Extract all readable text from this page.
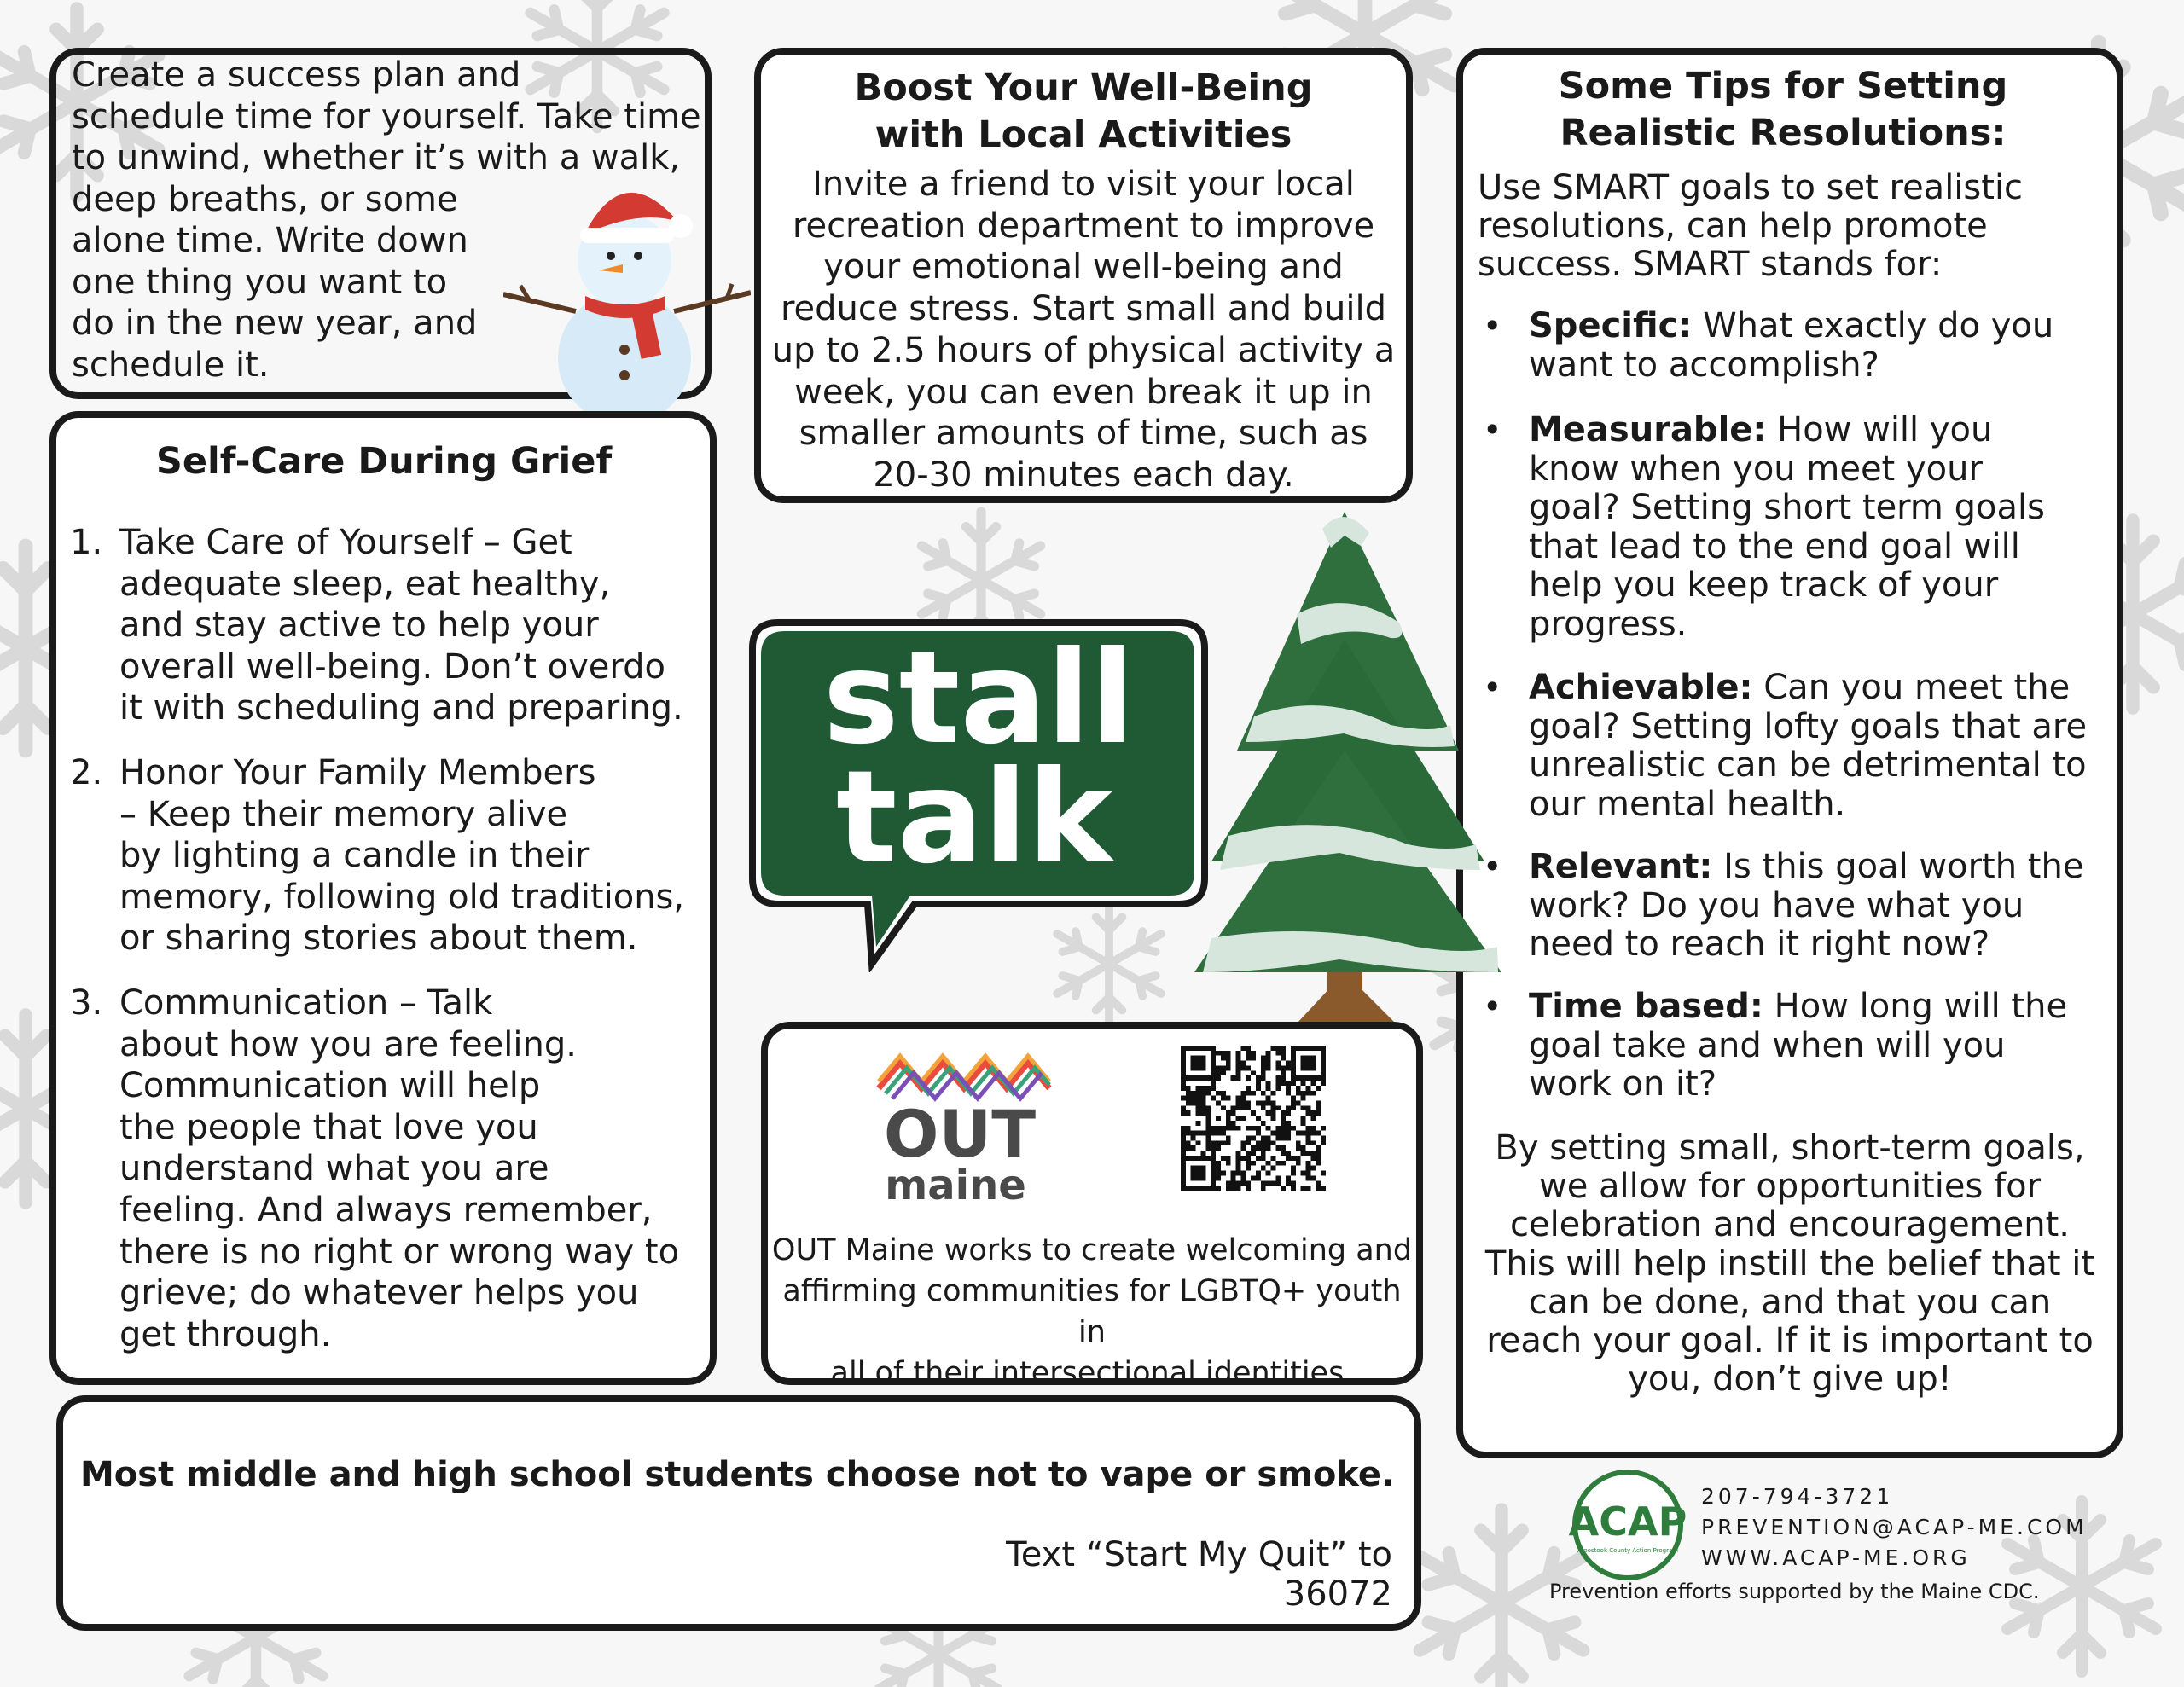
Create a success plan and
schedule time for yourself. Take time
to unwind, whether it’s with a walk,
deep breaths, or some
alone time. Write down
one thing you want to
do in the new year, and
schedule it.

Boost Your Well-Being
with Local Activities

Invite a friend to visit your local
recreation department to improve
your emotional well-being and
reduce stress. Start small and build
up to 2.5 hours of physical activity a
week, you can even break it up in
smaller amounts of time, such as
20-30 minutes each day.

Some Tips for Setting
Realistic Resolutions:

Use SMART goals to set realistic
resolutions, can help promote
success. SMART stands for:

• Specific: What exactly do you
want to accomplish?

• Measurable: How will you
know when you meet your
goal? Setting short term goals
that lead to the end goal will
help you keep track of your
progress.

• Achievable: Can you meet the
goal? Setting lofty goals that are
unrealistic can be detrimental to
our mental health.

• Relevant: Is this goal worth the
work? Do you have what you
need to reach it right now?

• Time based: How long will the
goal take and when will you
work on it?

By setting small, short-term goals,
we allow for opportunities for
celebration and encouragement.
This will help instill the belief that it
can be done, and that you can
reach your goal. If it is important to
you, don’t give up!

Self-Care During Grief

1. Take Care of Yourself – Get
adequate sleep, eat healthy,
and stay active to help your
overall well-being. Don’t overdo
it with scheduling and preparing.

2. Honor Your Family Members
– Keep their memory alive
by lighting a candle in their
memory, following old traditions,
or sharing stories about them.

3. Communication – Talk
about how you are feeling.
Communication will help
the people that love you
understand what you are
feeling. And always remember,
there is no right or wrong way to
grieve; do whatever helps you
get through.

stall
talk
OUT
maine

OUT Maine works to create welcoming and
affirming communities for LGBTQ+ youth in
all of their intersectional identities.

Most middle and high school students choose not to vape or smoke.

Text “Start My Quit” to 36072

ACAP
Aroostook County Action Program

207-794-3721

PREVENTION@ACAP-ME.COM

WWW.ACAP-ME.ORG

Prevention efforts supported by the Maine CDC.
